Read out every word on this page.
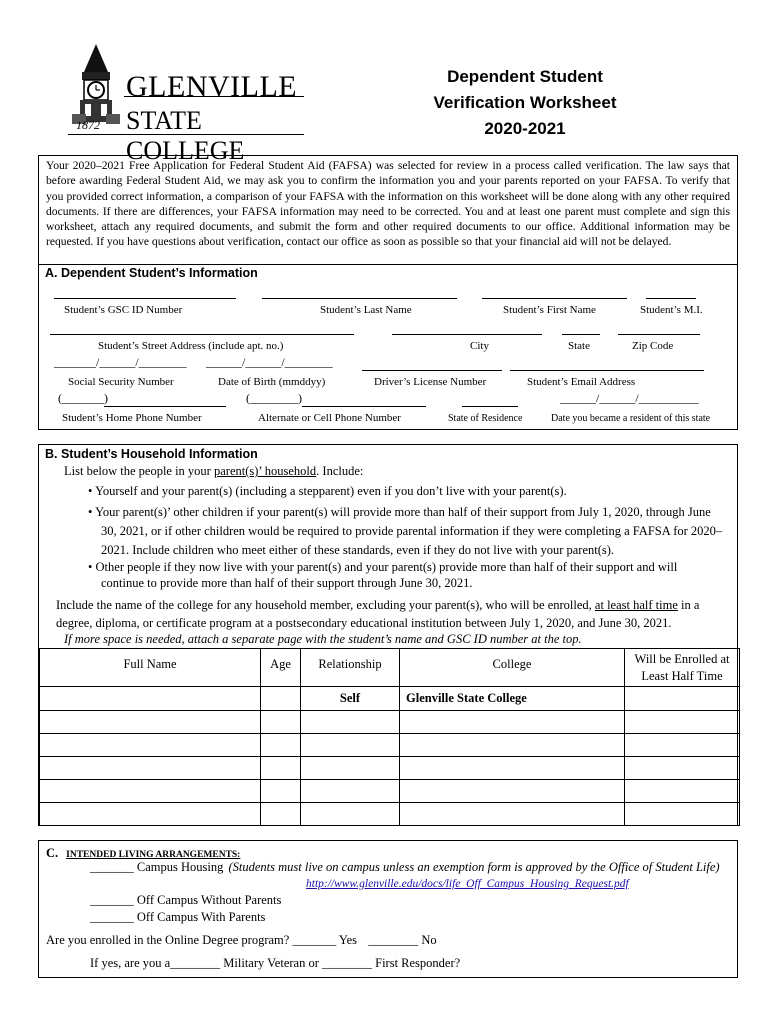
GLENVILLE
STATE COLLEGE
1872
Dependent Student
Verification Worksheet
2020-2021
Your 2020–2021 Free Application for Federal Student Aid (FAFSA) was selected for review in a process called verification. The law says that before awarding Federal Student Aid, we may ask you to confirm the information you and your parents reported on your FAFSA. To verify that you provided correct information, a comparison of your FAFSA with the information on this worksheet will be done along with any other required documents. If there are differences, your FAFSA information may need to be corrected. You and at least one parent must complete and sign this worksheet, attach any required documents, and submit the form and other required documents to our office. Additional information may be requested. If you have questions about verification, contact our office as soon as possible so that your financial aid will not be delayed.
A. Dependent Student’s Information
Student’s GSC ID Number	Student’s Last Name	Student’s First Name	Student’s M.I.
Student’s Street Address (include apt. no.)	City	State	Zip Code
_______/______/________ ______/______/________
Social Security Number	Date of Birth (mmddyy)	Driver’s License Number	Student’s Email Address
(_______)	(________)	______/______/__________
Student’s Home Phone Number	Alternate or Cell Phone Number	State of Residence	Date you became a resident of this state
B. Student’s Household Information
List below the people in your parent(s)’ household. Include:
• Yourself and your parent(s) (including a stepparent) even if you don’t live with your parent(s).
• Your parent(s)’ other children if your parent(s) will provide more than half of their support from July 1, 2020, through June 30, 2021, or if other children would be required to provide parental information if they were completing a FAFSA for 2020–2021. Include children who meet either of these standards, even if they do not live with your parent(s).
• Other people if they now live with your parent(s) and your parent(s) provide more than half of their support and will continue to provide more than half of their support through June 30, 2021.
Include the name of the college for any household member, excluding your parent(s), who will be enrolled, at least half time in a degree, diploma, or certificate program at a postsecondary educational institution between July 1, 2020, and June 30, 2021.
If more space is needed, attach a separate page with the student’s name and GSC ID number at the top.
Full Name	Age	Relationship	College	Will be Enrolled at Least Half Time
		Self	Glenville State College	

C. INTENDED LIVING ARRANGEMENTS:
_______ Campus Housing (Students must live on campus unless an exemption form is approved by the Office of Student Life)
http://www.glenville.edu/docs/life_Off_Campus_Housing_Request.pdf
_______ Off Campus Without Parents
_______ Off Campus With Parents
Are you enrolled in the Online Degree program? _______ Yes ________ No
If yes, are you a________ Military Veteran or ________ First Responder?
